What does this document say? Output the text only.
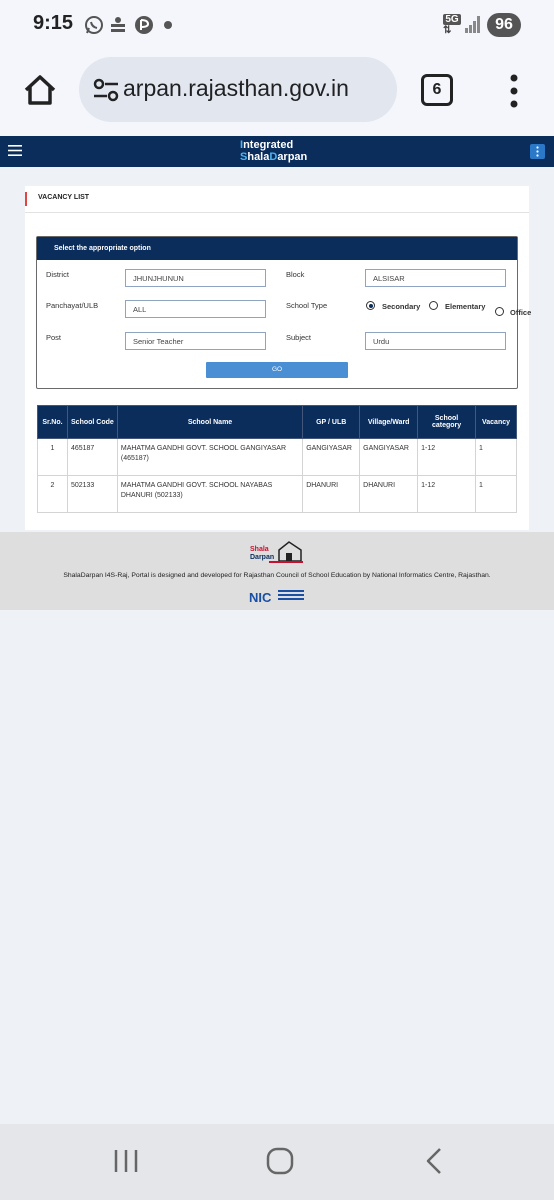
9:15	5G
⇅	96
arpan.rajasthan.gov.in	6
Integrated
ShalaDarpan
VACANCY LIST
Select the appropriate option
District	JHUNJHUNUN	Block	ALSISAR
Panchayat/ULB	ALL	School Type	Secondary	Elementary
Office
Post	Senior Teacher	Subject	Urdu
GO
Sr.No.	School Code	School Name	GP / ULB	Village/Ward	School category	Vacancy
1	465187	MAHATMA GANDHI GOVT. SCHOOL GANGIYASAR (465187)	GANGIYASAR	GANGIYASAR	1-12	1
2	502133	MAHATMA GANDHI GOVT. SCHOOL NAYABAS DHANURI (502133)	DHANURI	DHANURI	1-12	1
Shala
Darpan
ShalaDarpan I4S-Raj, Portal is designed and developed for Rajasthan Council of School Education by National Informatics Centre, Rajasthan.
NIC
